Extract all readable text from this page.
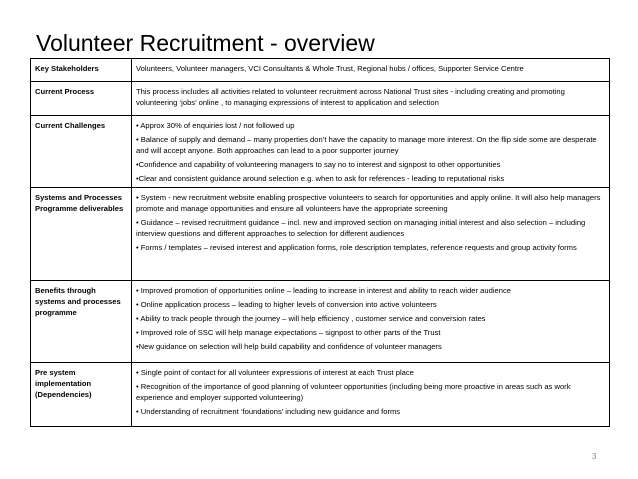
Volunteer Recruitment - overview
Key Stakeholders	Volunteers, Volunteer managers, VCI Consultants & Whole Trust, Regional hubs / offices, Supporter Service Centre

Current Process	This process includes all activities related to volunteer recruitment across National Trust sites - including creating and promoting volunteering ‘jobs’ online , to managing expressions of interest to application and selection

Current Challenges	• Approx 30% of enquiries lost / not followed up
• Balance of supply and demand – many properties don’t have the capacity to manage more interest. On the flip side some are desperate and will accept anyone. Both approaches can lead to a poor supporter journey
•Confidence and capability of volunteering managers to say no to interest and signpost to other opportunities
•Clear and consistent guidance around selection e.g. when to ask for references - leading to reputational risks

Systems and Processes Programme deliverables	• System - new recruitment website enabling prospective volunteers to search for opportunities and apply online. It will also help managers promote and manage opportunities and ensure all volunteers have the appropriate screening
• Guidance – revised recruitment guidance – incl. new and improved section on managing initial interest and also selection – including interview questions and different approaches to selection for different audiences
• Forms / templates – revised interest and application forms, role description templates, reference requests and group activity forms

Benefits through systems and processes programme	• Improved promotion of opportunities online – leading to increase in interest and ability to reach wider audience
• Online application process – leading to higher levels of conversion into active volunteers
• Ability to track people through the journey – will help efficiency , customer service and conversion rates
• Improved role of SSC will help manage expectations – signpost to other parts of the Trust
•New guidance on selection will help build capability and confidence of volunteer managers

Pre system implementation (Dependencies)	• Single point of contact for all volunteer expressions of interest at each Trust place
• Recognition of the importance of good planning of volunteer opportunities (including being more proactive in areas such as work experience and employer supported volunteering)
• Understanding of recruitment ‘foundations’ including new guidance and forms
3
